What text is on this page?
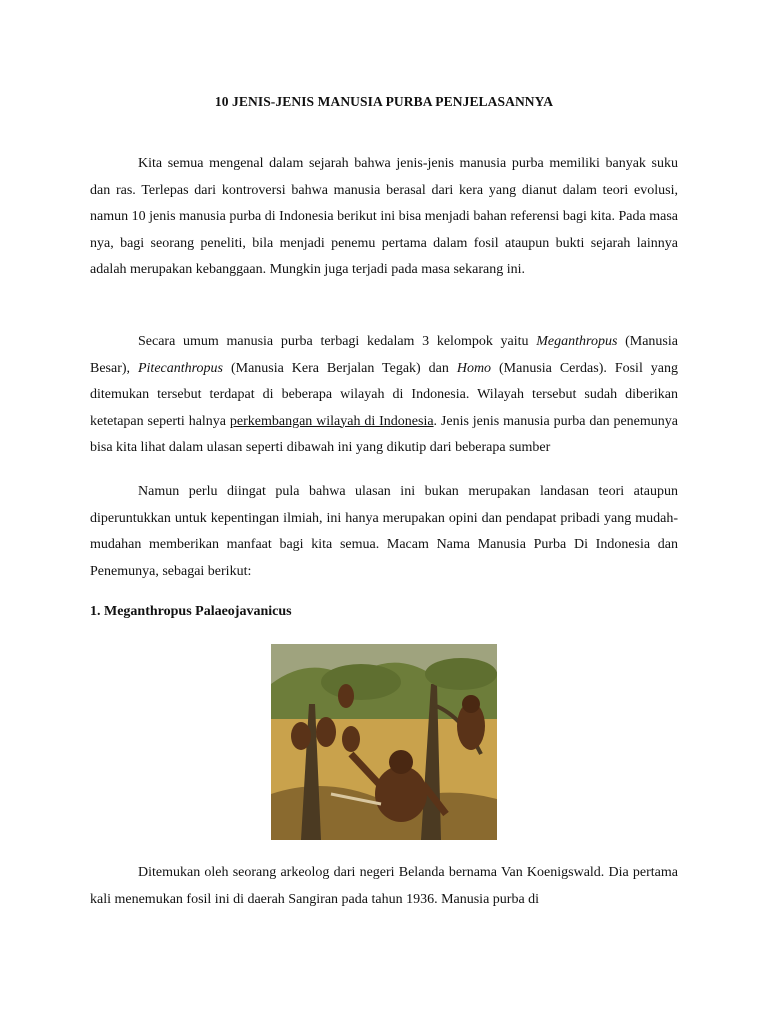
10 JENIS-JENIS MANUSIA PURBA PENJELASANNYA

Kita semua mengenal dalam sejarah bahwa jenis-jenis manusia purba memiliki banyak suku dan ras. Terlepas dari kontroversi bahwa manusia berasal dari kera yang dianut dalam teori evolusi, namun 10 jenis manusia purba di Indonesia berikut ini bisa menjadi bahan referensi bagi kita. Pada masa nya, bagi seorang peneliti, bila menjadi penemu pertama dalam fosil ataupun bukti sejarah lainnya adalah merupakan kebanggaan. Mungkin juga terjadi pada masa sekarang ini.

Secara umum manusia purba terbagi kedalam 3 kelompok yaitu Meganthropus (Manusia Besar), Pitecanthropus (Manusia Kera Berjalan Tegak) dan Homo (Manusia Cerdas). Fosil yang ditemukan tersebut terdapat di beberapa wilayah di Indonesia. Wilayah tersebut sudah diberikan ketetapan seperti halnya perkembangan wilayah di Indonesia. Jenis jenis manusia purba dan penemunya bisa kita lihat dalam ulasan seperti dibawah ini yang dikutip dari beberapa sumber

Namun perlu diingat pula bahwa ulasan ini bukan merupakan landasan teori ataupun diperuntukkan untuk kepentingan ilmiah, ini hanya merupakan opini dan pendapat pribadi yang mudah-mudahan memberikan manfaat bagi kita semua. Macam Nama Manusia Purba Di Indonesia dan Penemunya, sebagai berikut:

1. Meganthropus Palaeojavanicus

Ditemukan oleh seorang arkeolog dari negeri Belanda bernama Van Koenigswald. Dia pertama kali menemukan fosil ini di daerah Sangiran pada tahun 1936. Manusia purba di
